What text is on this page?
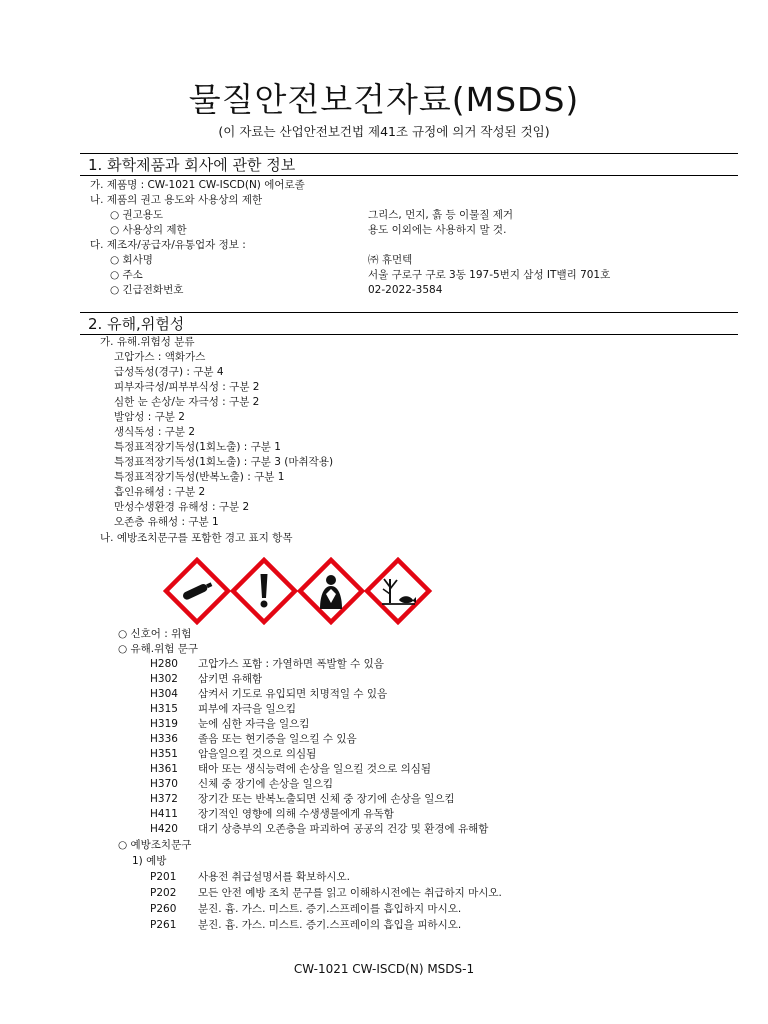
물질안전보건자료(MSDS)

(이 자료는 산업안전보건법 제41조 규정에 의거 작성된 것임)

1. 화학제품과 회사에 관한 정보
가. 제품명 : CW-1021 CW-ISCD(N) 에어로졸
나. 제품의 권고 용도와 사용상의 제한
○ 권고용도	그리스, 먼지, 흙 등 이물질 제거
○ 사용상의 제한	용도 이외에는 사용하지 말 것.
다. 제조자/공급자/유통업자 정보 :
○ 회사명	㈜ 휴먼텍
○ 주소	서울 구로구 구로 3동 197-5번지 삼성 IT밸리 701호
○ 긴급전화번호	02-2022-3584
2. 유해,위험성
가. 유해.위험성 분류
고압가스 : 액화가스
급성독성(경구) : 구분 4
피부자극성/피부부식성 : 구분 2
심한 눈 손상/눈 자극성 : 구분 2
발암성 : 구분 2
생식독성 : 구분 2
특정표적장기독성(1회노출) : 구분 1
특정표적장기독성(1회노출) : 구분 3 (마취작용)
특정표적장기독성(반복노출) : 구분 1
흡인유해성 : 구분 2
만성수생환경 유해성 : 구분 2
오존층 유해성 : 구분 1
나. 예방조치문구를 포함한 경고 표지 항목
○ 신호어 : 위험
○ 유해.위험 문구
H280 고압가스 포함 : 가열하면 폭발할 수 있음
H302 삼키면 유해함
H304 삼켜서 기도로 유입되면 치명적일 수 있음
H315 피부에 자극을 일으킴
H319 눈에 심한 자극을 일으킴
H336 졸음 또는 현기증을 일으킬 수 있음
H351 암을일으킬 것으로 의심됨
H361 태아 또는 생식능력에 손상을 일으킬 것으로 의심됨
H370 신체 중 장기에 손상을 일으킴
H372 장기간 또는 반복노출되면 신체 중 장기에 손상을 일으킴
H411 장기적인 영향에 의해 수생생물에게 유독함
H420 대기 상층부의 오존층을 파괴하여 공공의 건강 및 환경에 유해함
○ 예방조치문구
1) 예방
P201 사용전 취급설명서를 확보하시오.
P202 모든 안전 예방 조치 문구를 읽고 이해하시전에는 취급하지 마시오.
P260 분진. 흄. 가스. 미스트. 증기.스프레이를 흡입하지 마시오.
P261 분진. 흄. 가스. 미스트. 증기.스프레이의 흡입을 피하시오.
CW-1021 CW-ISCD(N) MSDS-1
